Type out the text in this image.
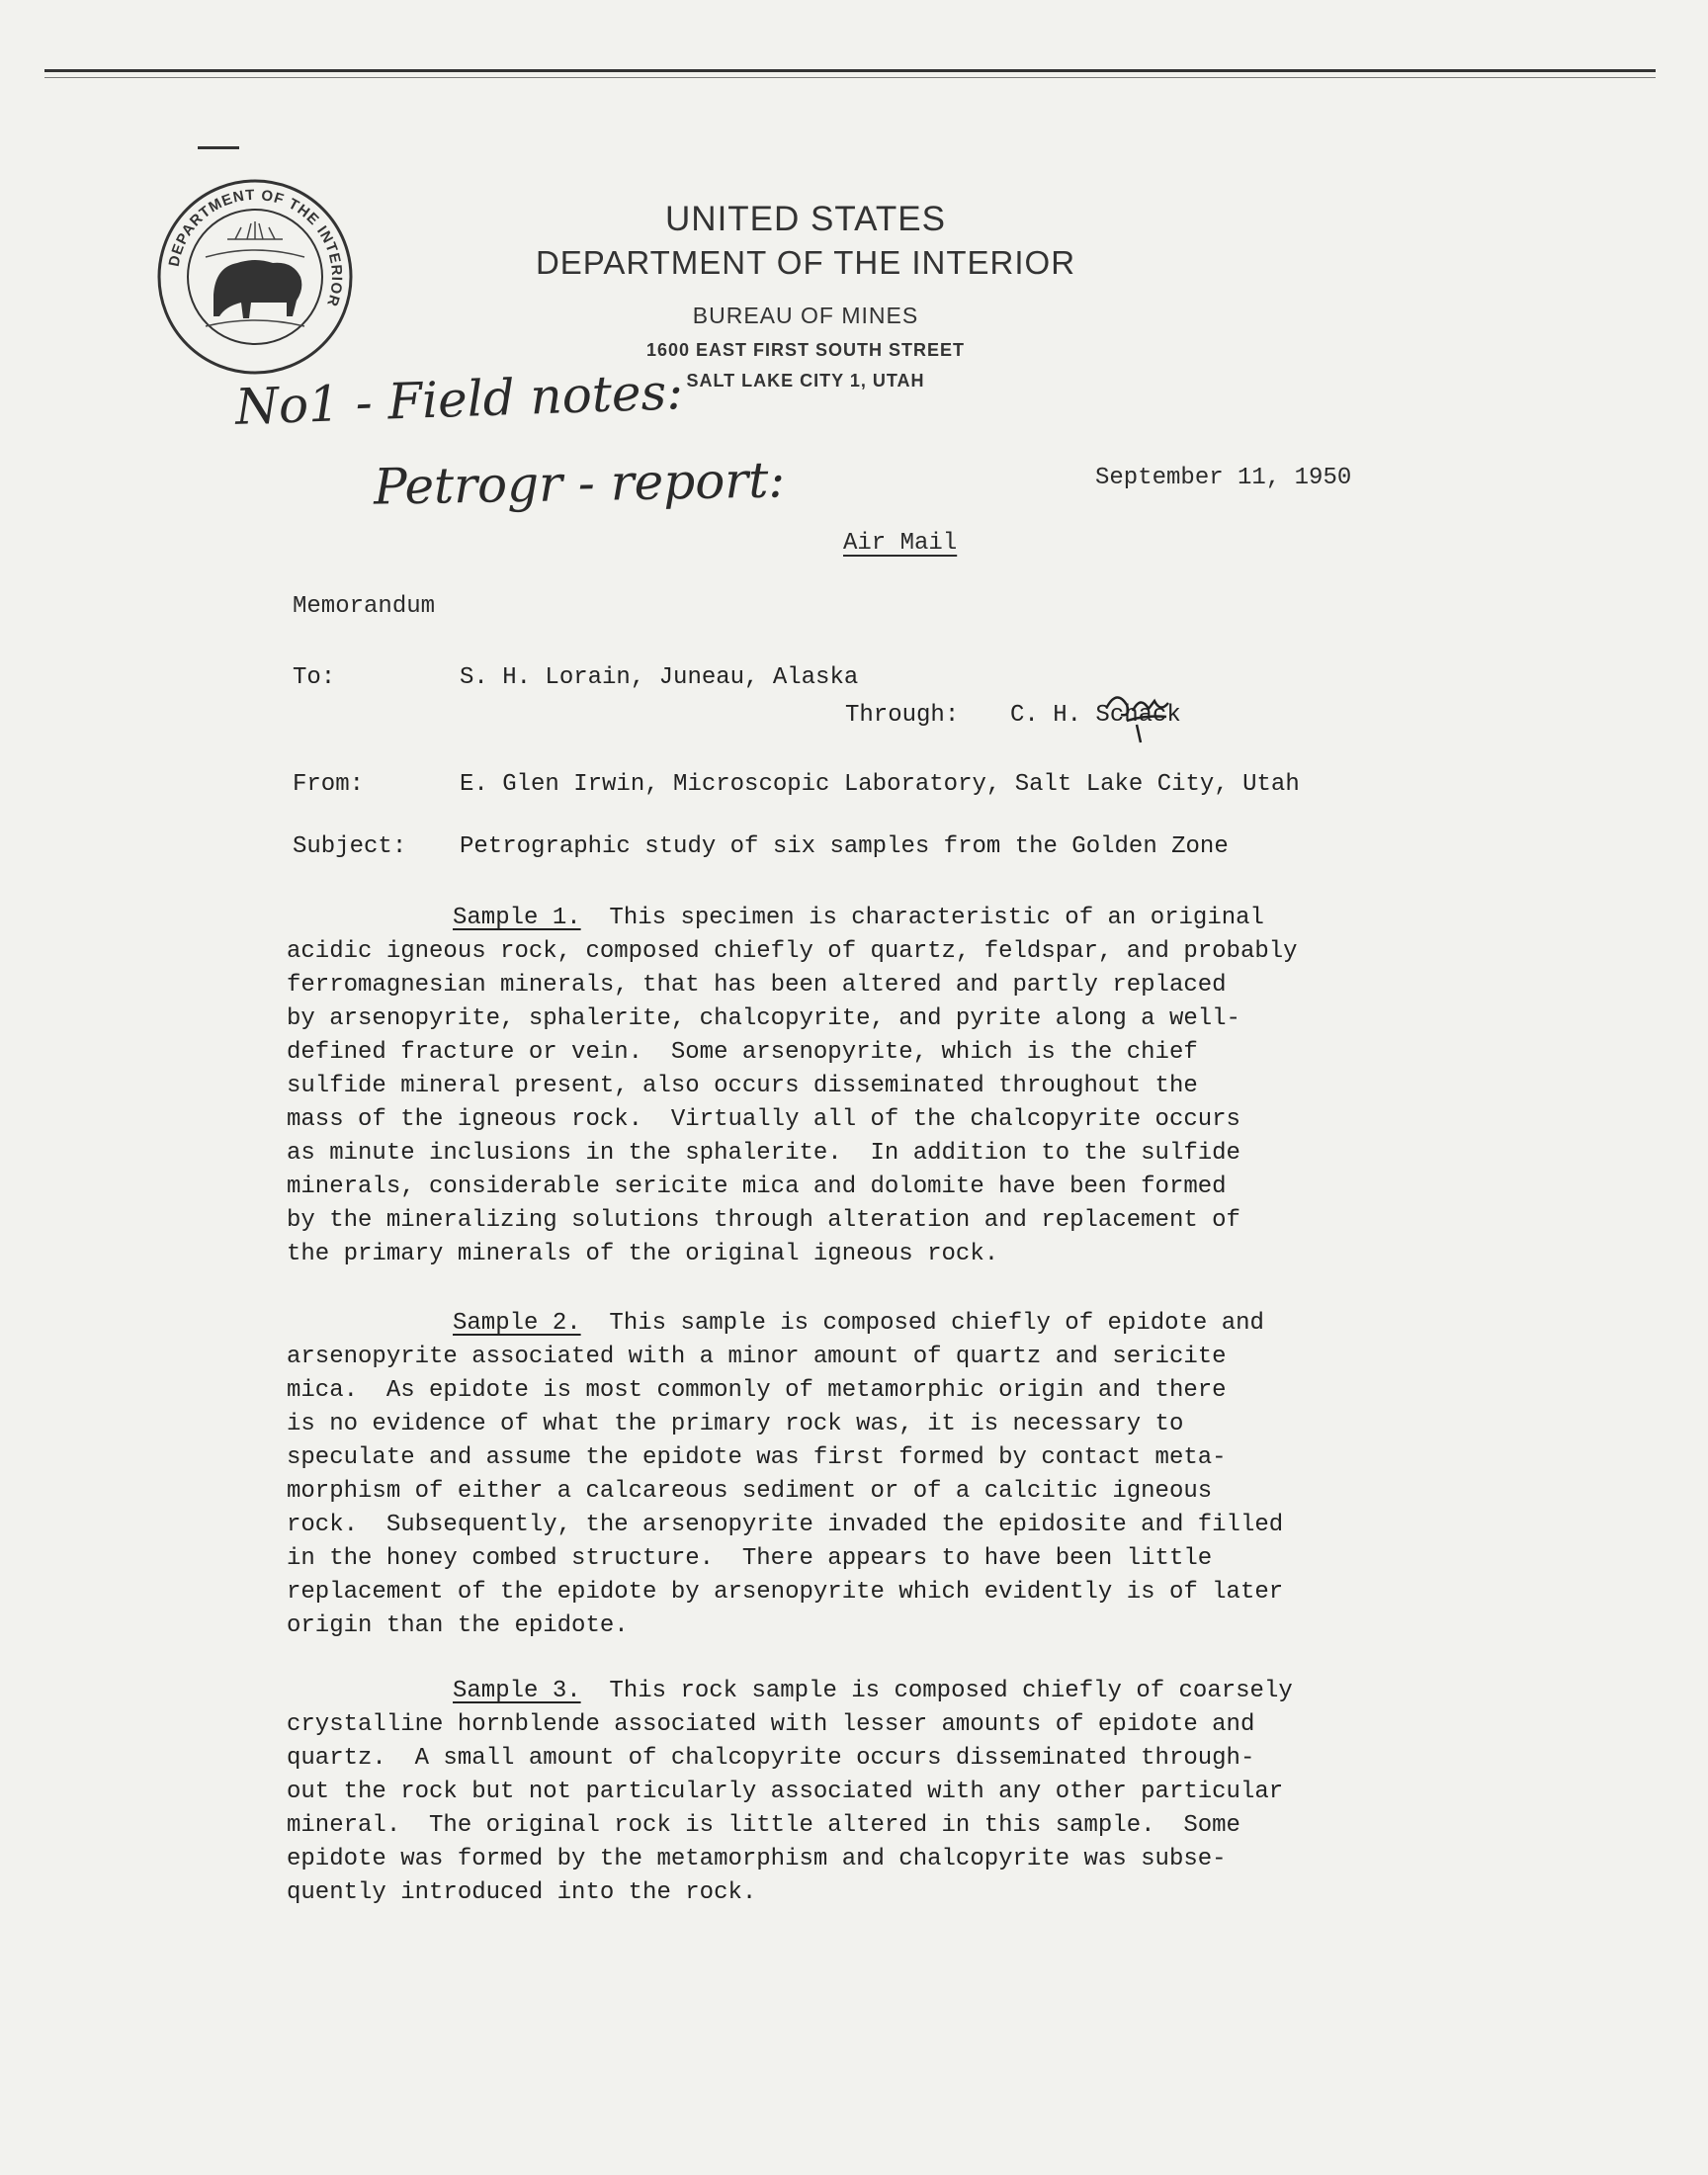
DEPARTMENT OF THE INTERIOR
UNITED STATES
DEPARTMENT OF THE INTERIOR
BUREAU OF MINES
1600 EAST FIRST SOUTH STREET
SALT LAKE CITY 1, UTAH
No1 - Field notes:
Petrogr - report:	September 11, 1950
Air Mail
Memorandum
To:	S. H. Lorain, Juneau, Alaska
Through: C. H. Schack
From:	E. Glen Irwin, Microscopic Laboratory, Salt Lake City, Utah
Subject: Petrographic study of six samples from the Golden Zone
Sample 1.  This specimen is characteristic of an original
acidic igneous rock, composed chiefly of quartz, feldspar, and probably
ferromagnesian minerals, that has been altered and partly replaced
by arsenopyrite, sphalerite, chalcopyrite, and pyrite along a well-
defined fracture or vein.  Some arsenopyrite, which is the chief
sulfide mineral present, also occurs disseminated throughout the
mass of the igneous rock.  Virtually all of the chalcopyrite occurs
as minute inclusions in the sphalerite.  In addition to the sulfide
minerals, considerable sericite mica and dolomite have been formed
by the mineralizing solutions through alteration and replacement of
the primary minerals of the original igneous rock.
Sample 2.  This sample is composed chiefly of epidote and
arsenopyrite associated with a minor amount of quartz and sericite
mica.  As epidote is most commonly of metamorphic origin and there
is no evidence of what the primary rock was, it is necessary to
speculate and assume the epidote was first formed by contact meta-
morphism of either a calcareous sediment or of a calcitic igneous
rock.  Subsequently, the arsenopyrite invaded the epidosite and filled
in the honey combed structure.  There appears to have been little
replacement of the epidote by arsenopyrite which evidently is of later
origin than the epidote.
Sample 3.  This rock sample is composed chiefly of coarsely
crystalline hornblende associated with lesser amounts of epidote and
quartz.  A small amount of chalcopyrite occurs disseminated through-
out the rock but not particularly associated with any other particular
mineral.  The original rock is little altered in this sample.  Some
epidote was formed by the metamorphism and chalcopyrite was subse-
quently introduced into the rock.
